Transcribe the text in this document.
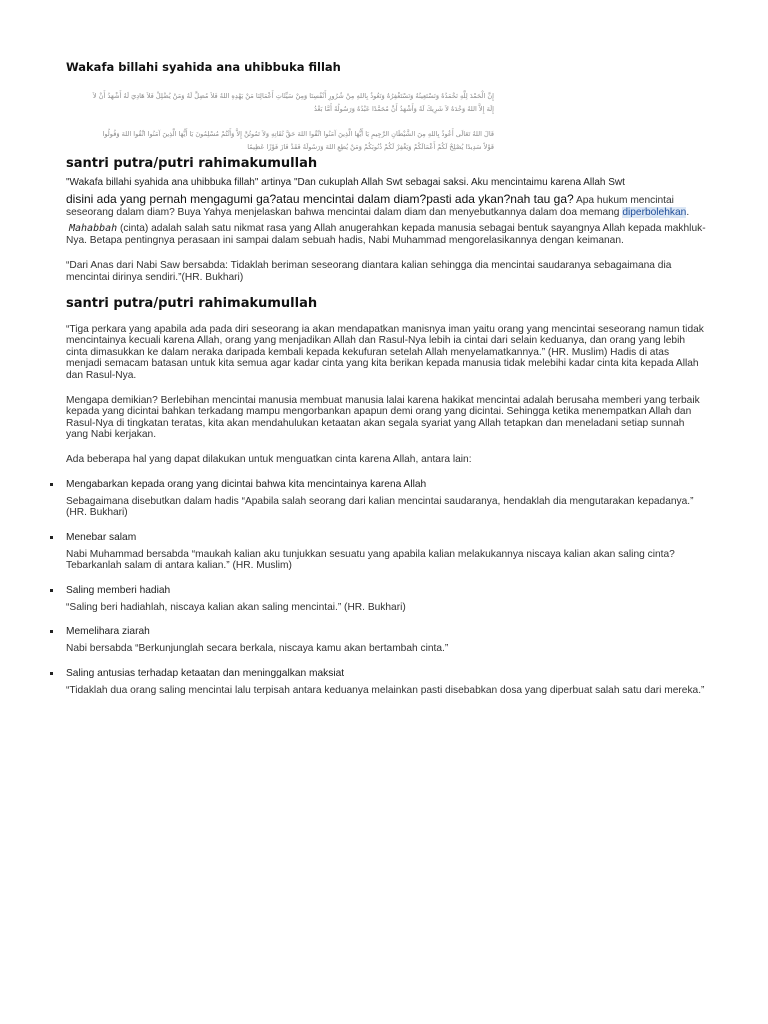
Wakafa billahi syahida ana uhibbuka fillah
إِنَّ الْحَمْدَ لِلَّهِ نَحْمَدُهُ وَنَسْتَعِينُهُ وَنَسْتَغْفِرُهُ وَنَعُوذُ بِاللهِ مِنْ شُرُورِ أَنْفُسِنَا وَمِنْ سَيِّئَاتِ أَعْمَالِنَا مَنْ يَهْدِهِ اللهُ فَلاَ مُضِلَّ لَهُ وَمَنْ يُضْلِلْ فَلاَ هَادِيَ لَهُ أَشْهَدُ أَنْ لاَ
إِلَهَ إِلاَّ اللهُ وَحْدَهُ لاَ شَرِيكَ لَهُ وَأَشْهَدُ أَنَّ مُحَمَّدًا عَبْدُهُ وَرَسُولُهُ أَمَّا بَعْدُ
قَالَ اللهُ تَعَالَى أَعُوذُ بِاللهِ مِنَ الشَّيْطَانِ الرَّجِيمِ يَا أَيُّهَا الَّذِينَ آمَنُوا اتَّقُوا اللهَ حَقَّ تُقَاتِهِ وَلاَ تَمُوتُنَّ إِلاَّ وَأَنْتُمْ مُسْلِمُونَ يَا أَيُّهَا الَّذِينَ آمَنُوا اتَّقُوا اللهَ وَقُولُوا
قَوْلاً سَدِيدًا يُصْلِحْ لَكُمْ أَعْمَالَكُمْ وَيَغْفِرْ لَكُمْ ذُنُوبَكُمْ وَمَنْ يُطِعِ اللهَ وَرَسُولَهُ فَقَدْ فَازَ فَوْزًا عَظِيمًا
santri putra/putri rahimakumullah

"Wakafa billahi syahida ana uhibbuka fillah" artinya "Dan cukuplah Allah Swt sebagai saksi. Aku mencintaimu karena Allah Swt

disini ada yang pernah mengagumi ga?atau mencintai dalam diam?pasti ada ykan?nah tau ga? Apa hukum mencintai seseorang dalam diam? Buya Yahya menjelaskan bahwa mencintai dalam diam dan menyebutkannya dalam doa memang diperbolehkan.

Mahabbah (cinta) adalah salah satu nikmat rasa yang Allah anugerahkan kepada manusia sebagai bentuk sayangnya Allah kepada makhluk-Nya. Betapa pentingnya perasaan ini sampai dalam sebuah hadis, Nabi Muhammad mengorelasikannya dengan keimanan.

“Dari Anas dari Nabi Saw bersabda: Tidaklah beriman seseorang diantara kalian sehingga dia mencintai saudaranya sebagaimana dia mencintai dirinya sendiri.”(HR. Bukhari)

santri putra/putri rahimakumullah

“Tiga perkara yang apabila ada pada diri seseorang ia akan mendapatkan manisnya iman yaitu orang yang mencintai seseorang namun tidak mencintainya kecuali karena Allah, orang yang menjadikan Allah dan Rasul-Nya lebih ia cintai dari selain keduanya, dan orang yang lebih cinta dimasukkan ke dalam neraka daripada kembali kepada kekufuran setelah Allah menyelamatkannya.” (HR. Muslim) Hadis di atas menjadi semacam batasan untuk kita semua agar kadar cinta yang kita berikan kepada manusia tidak melebihi kadar cinta kita kepada Allah dan Rasul-Nya.

Mengapa demikian? Berlebihan mencintai manusia membuat manusia lalai karena hakikat mencintai adalah berusaha memberi yang terbaik kepada yang dicintai bahkan terkadang mampu mengorbankan apapun demi orang yang dicintai. Sehingga ketika menempatkan Allah dan Rasul-Nya di tingkatan teratas, kita akan mendahulukan ketaatan akan segala syariat yang Allah tetapkan dan meneladani setiap sunnah yang Nabi kerjakan.

Ada beberapa hal yang dapat dilakukan untuk menguatkan cinta karena Allah, antara lain:

Mengabarkan kepada orang yang dicintai bahwa kita mencintainya karena Allah

Sebagaimana disebutkan dalam hadis “Apabila salah seorang dari kalian mencintai saudaranya, hendaklah dia mengutarakan kepadanya.” (HR. Bukhari)

Menebar salam

Nabi Muhammad bersabda “maukah kalian aku tunjukkan sesuatu yang apabila kalian melakukannya niscaya kalian akan saling cinta? Tebarkanlah salam di antara kalian.” (HR. Muslim)

Saling memberi hadiah

“Saling beri hadiahlah, niscaya kalian akan saling mencintai.” (HR. Bukhari)

Memelihara ziarah

Nabi bersabda “Berkunjunglah secara berkala, niscaya kamu akan bertambah cinta.”

Saling antusias terhadap ketaatan dan meninggalkan maksiat

“Tidaklah dua orang saling mencintai lalu terpisah antara keduanya melainkan pasti disebabkan dosa yang diperbuat salah satu dari mereka.”
